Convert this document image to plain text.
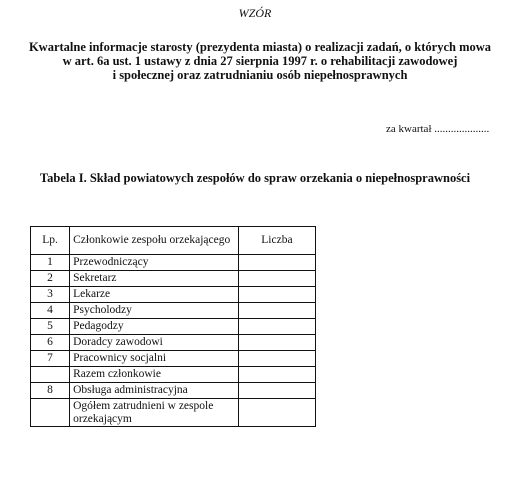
WZÓR
Kwartalne informacje starosty (prezydenta miasta) o realizacji zadań, o których mowa
w art. 6a ust. 1 ustawy z dnia 27 sierpnia 1997 r. o rehabilitacji zawodowej
i społecznej oraz zatrudnianiu osób niepełnosprawnych
za kwartał ....................
Tabela I. Skład powiatowych zespołów do spraw orzekania o niepełnosprawności
Lp.	Członkowie zespołu orzekającego	Liczba
1	Przewodniczący	
2	Sekretarz	
3	Lekarze	
4	Psycholodzy	
5	Pedagodzy	
6	Doradcy zawodowi	
7	Pracownicy socjalni	
	Razem członkowie	
8	Obsługa administracyjna	
	Ogółem zatrudnieni w zespole orzekającym	
